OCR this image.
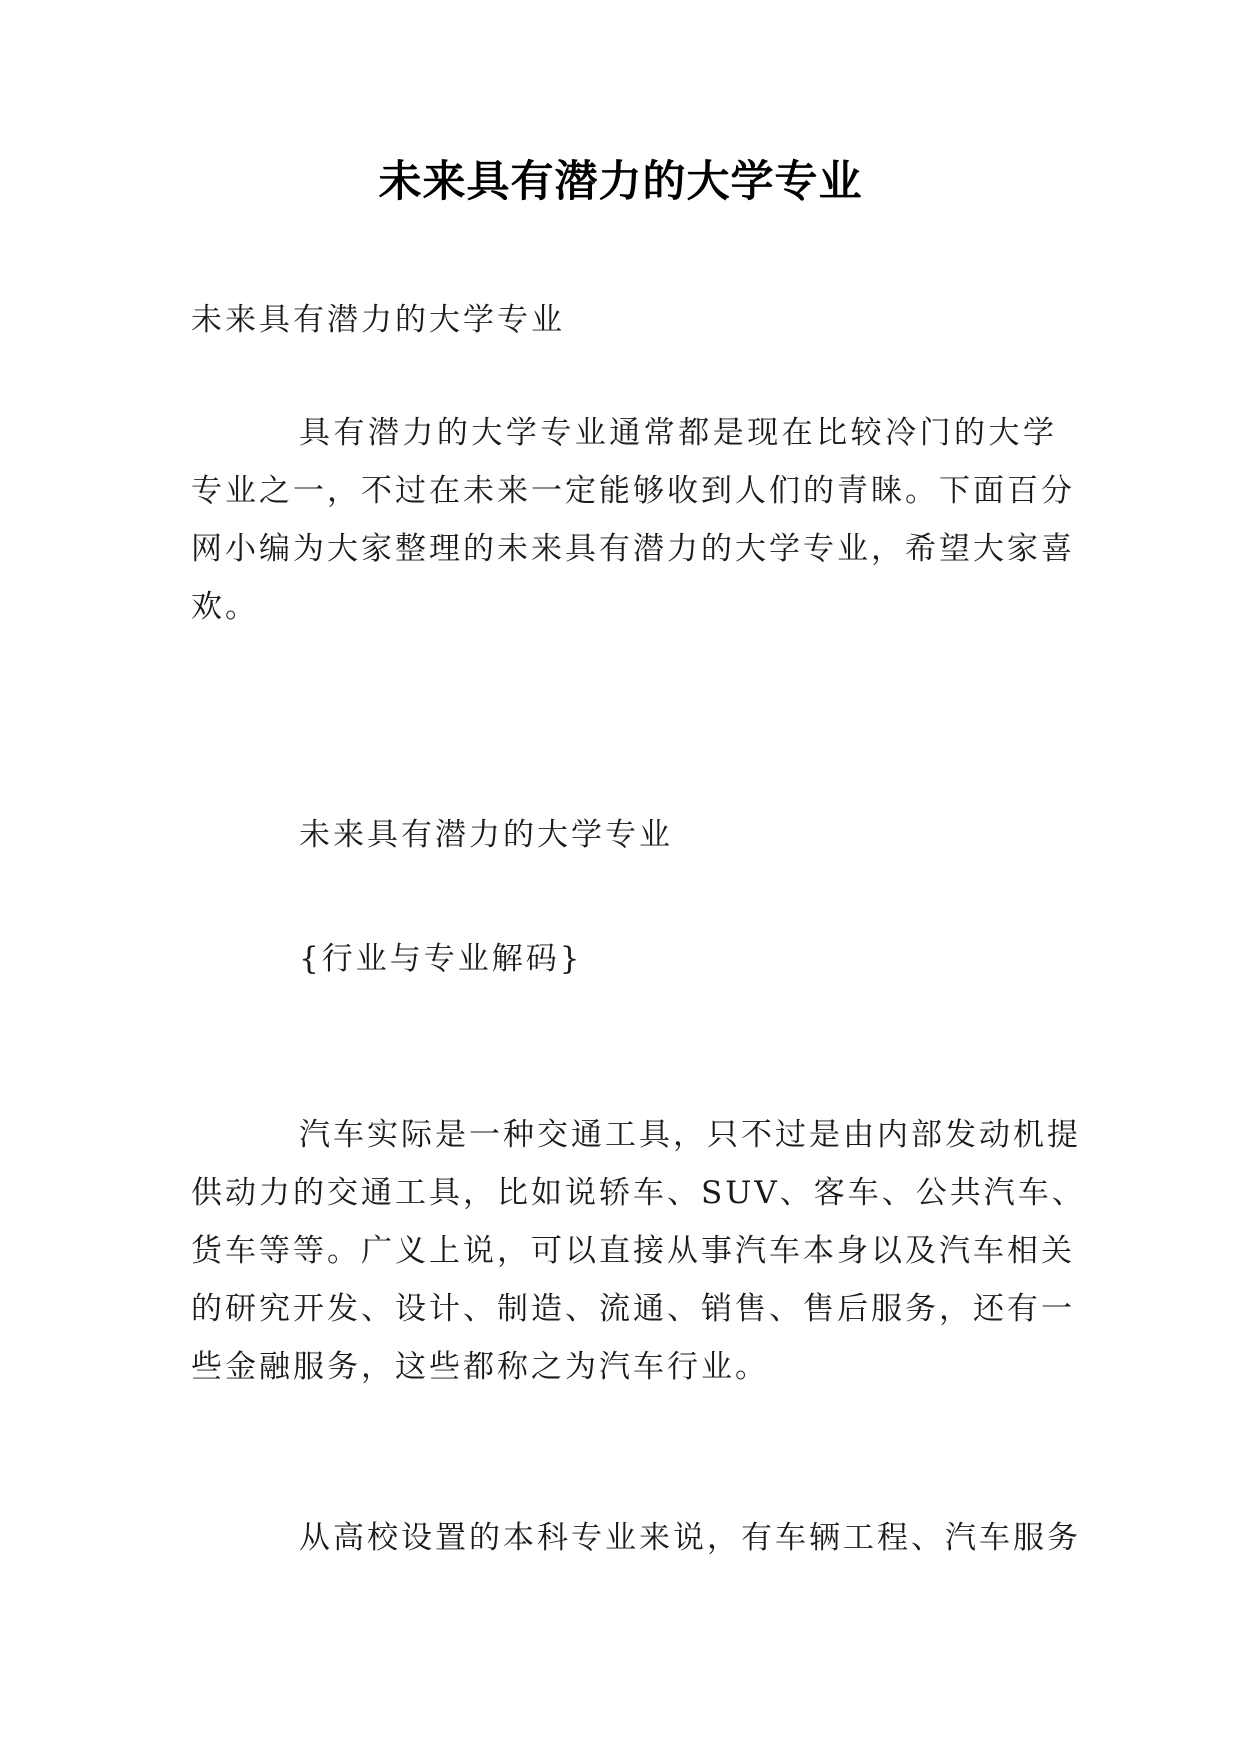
未来具有潜力的大学专业

未来具有潜力的大学专业

具有潜力的大学专业通常都是现在比较冷门的大学
专业之一，不过在未来一定能够收到人们的青睐。下面百分
网小编为大家整理的未来具有潜力的大学专业，希望大家喜
欢。

未来具有潜力的大学专业

{行业与专业解码}

汽车实际是一种交通工具，只不过是由内部发动机提
供动力的交通工具，比如说轿车、SUV、客车、公共汽车、
货车等等。广义上说，可以直接从事汽车本身以及汽车相关
的研究开发、设计、制造、流通、销售、售后服务，还有一
些金融服务，这些都称之为汽车行业。
从高校设置的本科专业来说，有车辆工程、汽车服务
